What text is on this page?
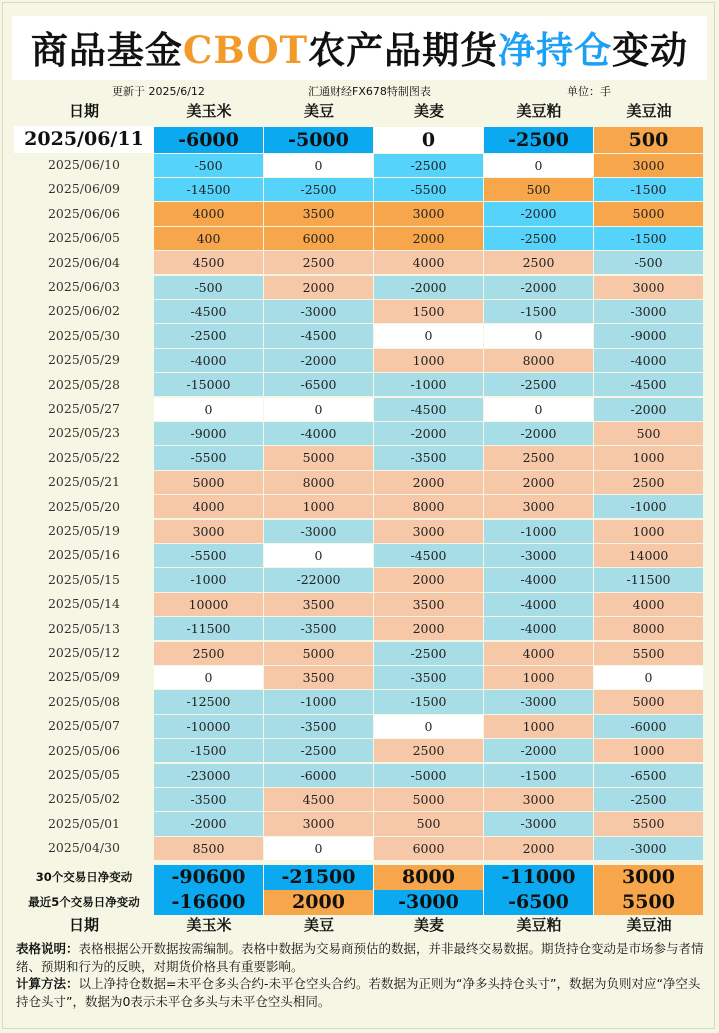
商品基金CBOT农产品期货净持仓变动
更新于 2025/6/12	汇通财经FX678特制图表	单位：手
日期	美玉米	美豆	美麦	美豆粕	美豆油
2025/06/11	-6000	-5000	0	-2500	500
2025/06/10	-500	0	-2500	0	3000
2025/06/09	-14500	-2500	-5500	500	-1500
2025/06/06	4000	3500	3000	-2000	5000
2025/06/05	400	6000	2000	-2500	-1500
2025/06/04	4500	2500	4000	2500	-500
2025/06/03	-500	2000	-2000	-2000	3000
2025/06/02	-4500	-3000	1500	-1500	-3000
2025/05/30	-2500	-4500	0	0	-9000
2025/05/29	-4000	-2000	1000	8000	-4000
2025/05/28	-15000	-6500	-1000	-2500	-4500
2025/05/27	0	0	-4500	0	-2000
2025/05/23	-9000	-4000	-2000	-2000	500
2025/05/22	-5500	5000	-3500	2500	1000
2025/05/21	5000	8000	2000	2000	2500
2025/05/20	4000	1000	8000	3000	-1000
2025/05/19	3000	-3000	3000	-1000	1000
2025/05/16	-5500	0	-4500	-3000	14000
2025/05/15	-1000	-22000	2000	-4000	-11500
2025/05/14	10000	3500	3500	-4000	4000
2025/05/13	-11500	-3500	2000	-4000	8000
2025/05/12	2500	5000	-2500	4000	5500
2025/05/09	0	3500	-3500	1000	0
2025/05/08	-12500	-1000	-1500	-3000	5000
2025/05/07	-10000	-3500	0	1000	-6000
2025/05/06	-1500	-2500	2500	-2000	1000
2025/05/05	-23000	-6000	-5000	-1500	-6500
2025/05/02	-3500	4500	5000	3000	-2500
2025/05/01	-2000	3000	500	-3000	5500
2025/04/30	8500	0	6000	2000	-3000
30个交易日净变动	-90600	-21500	8000	-11000	3000
最近5个交易日净变动	-16600	2000	-3000	-6500	5500
日期	美玉米	美豆	美麦	美豆粕	美豆油
表格说明：表格根据公开数据按需编制。表格中数据为交易商预估的数据，并非最终交易数据。期货持仓变动是市场参与者情绪、预期和行为的反映，对期货价格具有重要影响。
计算方法：以上净持仓数据=未平仓多头合约-未平仓空头合约。若数据为正则为“净多头持仓头寸”，数据为负则对应“净空头持仓头寸”，数据为0表示未平仓多头与未平仓空头相同。
